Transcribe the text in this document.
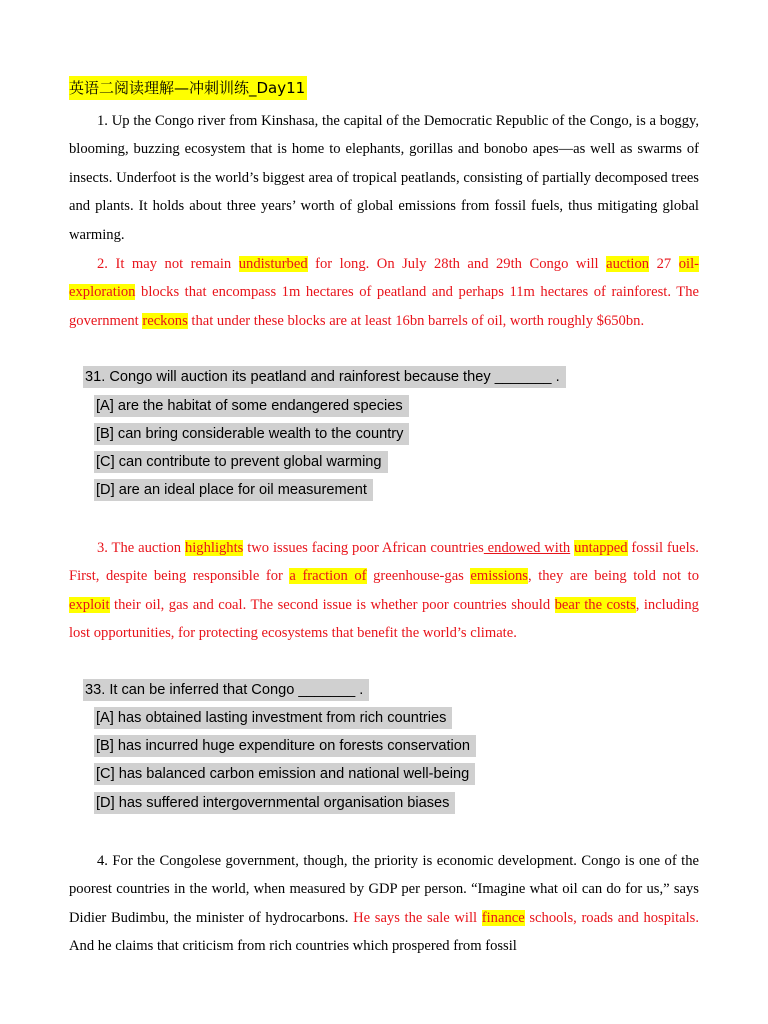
英语二阅读理解—冲刺训练_Day11

1. Up the Congo river from Kinshasa, the capital of the Democratic Republic of the Congo, is a boggy, blooming, buzzing ecosystem that is home to elephants, gorillas and bonobo apes—as well as swarms of insects. Underfoot is the world’s biggest area of tropical peatlands, consisting of partially decomposed trees and plants. It holds about three years’ worth of global emissions from fossil fuels, thus mitigating global warming.

2. It may not remain undisturbed for long. On July 28th and 29th Congo will auction 27 oil-exploration blocks that encompass 1m hectares of peatland and perhaps 11m hectares of rainforest. The government reckons that under these blocks are at least 16bn barrels of oil, worth roughly $650bn.

31. Congo will auction its peatland and rainforest because they _______ .

[A] are the habitat of some endangered species

[B] can bring considerable wealth to the country

[C] can contribute to prevent global warming

[D] are an ideal place for oil measurement

3. The auction highlights two issues facing poor African countries endowed with untapped fossil fuels. First, despite being responsible for a fraction of greenhouse-gas emissions, they are being told not to exploit their oil, gas and coal. The second issue is whether poor countries should bear the costs, including lost opportunities, for protecting ecosystems that benefit the world’s climate.

33. It can be inferred that Congo _______ .

[A] has obtained lasting investment from rich countries

[B] has incurred huge expenditure on forests conservation

[C] has balanced carbon emission and national well-being

[D] has suffered intergovernmental organisation biases

4. For the Congolese government, though, the priority is economic development. Congo is one of the poorest countries in the world, when measured by GDP per person. “Imagine what oil can do for us,” says Didier Budimbu, the minister of hydrocarbons. He says the sale will finance schools, roads and hospitals. And he claims that criticism from rich countries which prospered from fossil
